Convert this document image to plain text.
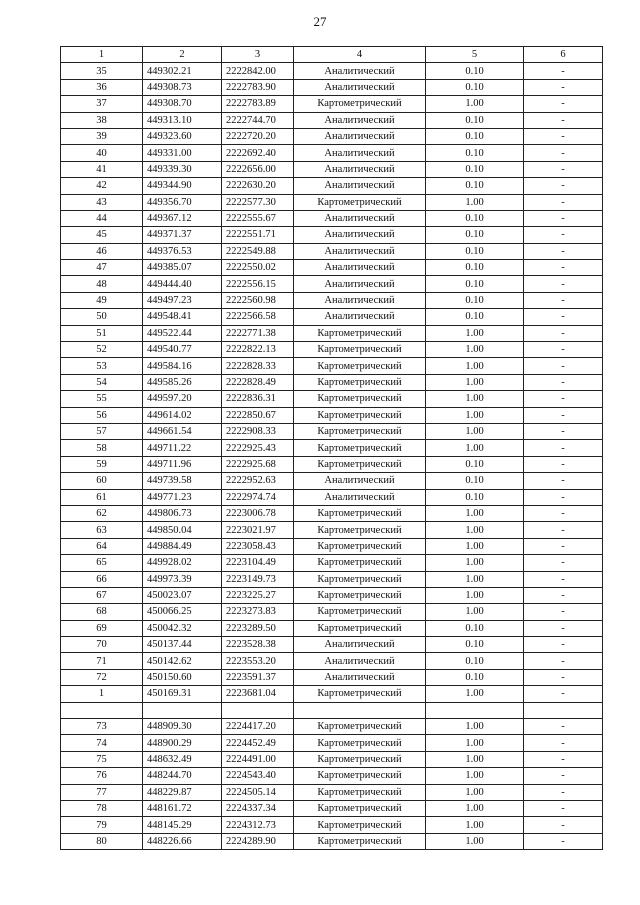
27
1	2	3	4	5	6
35	449302.21	2222842.00	Аналитический	0.10	-
36	449308.73	2222783.90	Аналитический	0.10	-
37	449308.70	2222783.89	Картометрический	1.00	-
38	449313.10	2222744.70	Аналитический	0.10	-
39	449323.60	2222720.20	Аналитический	0.10	-
40	449331.00	2222692.40	Аналитический	0.10	-
41	449339.30	2222656.00	Аналитический	0.10	-
42	449344.90	2222630.20	Аналитический	0.10	-
43	449356.70	2222577.30	Картометрический	1.00	-
44	449367.12	2222555.67	Аналитический	0.10	-
45	449371.37	2222551.71	Аналитический	0.10	-
46	449376.53	2222549.88	Аналитический	0.10	-
47	449385.07	2222550.02	Аналитический	0.10	-
48	449444.40	2222556.15	Аналитический	0.10	-
49	449497.23	2222560.98	Аналитический	0.10	-
50	449548.41	2222566.58	Аналитический	0.10	-
51	449522.44	2222771.38	Картометрический	1.00	-
52	449540.77	2222822.13	Картометрический	1.00	-
53	449584.16	2222828.33	Картометрический	1.00	-
54	449585.26	2222828.49	Картометрический	1.00	-
55	449597.20	2222836.31	Картометрический	1.00	-
56	449614.02	2222850.67	Картометрический	1.00	-
57	449661.54	2222908.33	Картометрический	1.00	-
58	449711.22	2222925.43	Картометрический	1.00	-
59	449711.96	2222925.68	Картометрический	0.10	-
60	449739.58	2222952.63	Аналитический	0.10	-
61	449771.23	2222974.74	Аналитический	0.10	-
62	449806.73	2223006.78	Картометрический	1.00	-
63	449850.04	2223021.97	Картометрический	1.00	-
64	449884.49	2223058.43	Картометрический	1.00	-
65	449928.02	2223104.49	Картометрический	1.00	-
66	449973.39	2223149.73	Картометрический	1.00	-
67	450023.07	2223225.27	Картометрический	1.00	-
68	450066.25	2223273.83	Картометрический	1.00	-
69	450042.32	2223289.50	Картометрический	0.10	-
70	450137.44	2223528.38	Аналитический	0.10	-
71	450142.62	2223553.20	Аналитический	0.10	-
72	450150.60	2223591.37	Аналитический	0.10	-
1	450169.31	2223681.04	Картометрический	1.00	-

73	448909.30	2224417.20	Картометрический	1.00	-
74	448900.29	2224452.49	Картометрический	1.00	-
75	448632.49	2224491.00	Картометрический	1.00	-
76	448244.70	2224543.40	Картометрический	1.00	-
77	448229.87	2224505.14	Картометрический	1.00	-
78	448161.72	2224337.34	Картометрический	1.00	-
79	448145.29	2224312.73	Картометрический	1.00	-
80	448226.66	2224289.90	Картометрический	1.00	-
